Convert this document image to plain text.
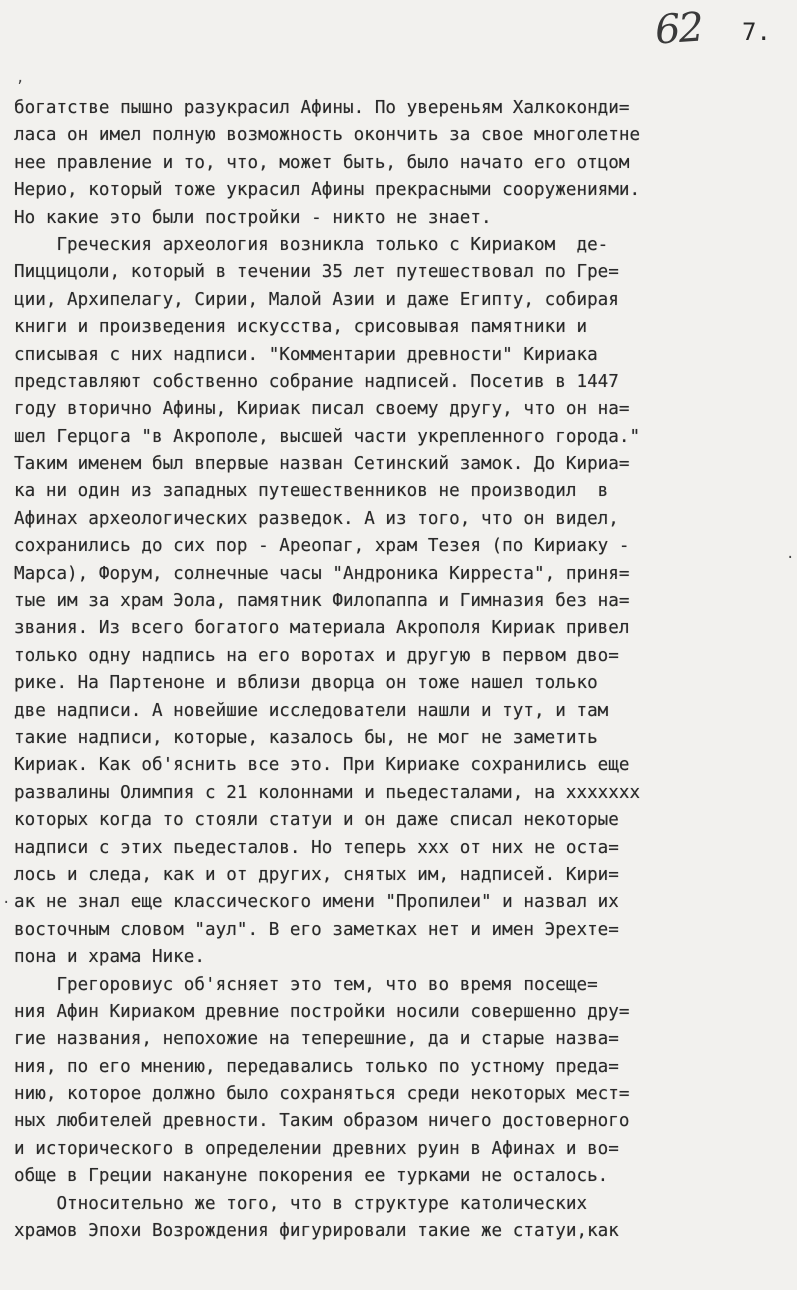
62 7.
,
·
·
богатстве пышно разукрасил Афины. По увереньям Халкоконди=
ласа он имел полную возможность окончить за свое многолетне
нее правление и то, что, может быть, было начато его отцом
Нерио, который тоже украсил Афины прекрасными сооружениями.
Но какие это были постройки - никто не знает.
Греческия археология возникла только с Кириаком  де-
Пиццицоли, который в течении 35 лет путешествовал по Гре=
ции, Архипелагу, Сирии, Малой Азии и даже Египту, собирая
книги и произведения искусства, срисовывая памятники и
списывая с них надписи. "Комментарии древности" Кириака
представляют собственно собрание надписей. Посетив в 1447
году вторично Афины, Кириак писал своему другу, что он на=
шел Герцога "в Акрополе, высшей части укрепленного города."
Таким именем был впервые назван Сетинский замок. До Кириа=
ка ни один из западных путешественников не производил  в
Афинах археологических разведок. А из того, что он видел,
сохранились до сих пор - Ареопаг, храм Тезея (по Кириаку -
Марса), Форум, солнечные часы "Андроника Кирреста", приня=
тые им за храм Эола, памятник Филопаппа и Гимназия без на=
звания. Из всего богатого материала Акрополя Кириак привел
только одну надпись на его воротах и другую в первом дво=
рике. На Партеноне и вблизи дворца он тоже нашел только
две надписи. А новейшие исследователи нашли и тут, и там
такие надписи, которые, казалось бы, не мог не заметить
Кириак. Как об'яснить все это. При Кириаке сохранились еще
развалины Олимпия с 21 колоннами и пьедесталами, на xxxxxxx
которых когда то стояли статуи и он даже списал некоторые
надписи с этих пьедесталов. Но теперь xxx от них не оста=
лось и следа, как и от других, снятых им, надписей. Кири=
ак не знал еще классического имени "Пропилеи" и назвал их
восточным словом "аул". В его заметках нет и имен Эрехте=
пона и храма Нике.
Грегоровиус об'ясняет это тем, что во время посеще=
ния Афин Кириаком древние постройки носили совершенно дру=
гие названия, непохожие на теперешние, да и старые назва=
ния, по его мнению, передавались только по устному преда=
нию, которое должно было сохраняться среди некоторых мест=
ных любителей древности. Таким образом ничего достоверного
и исторического в определении древних руин в Афинах и во=
обще в Греции накануне покорения ее турками не осталось.
Относительно же того, что в структуре католических
храмов Эпохи Возрождения фигурировали такие же статуи,как
